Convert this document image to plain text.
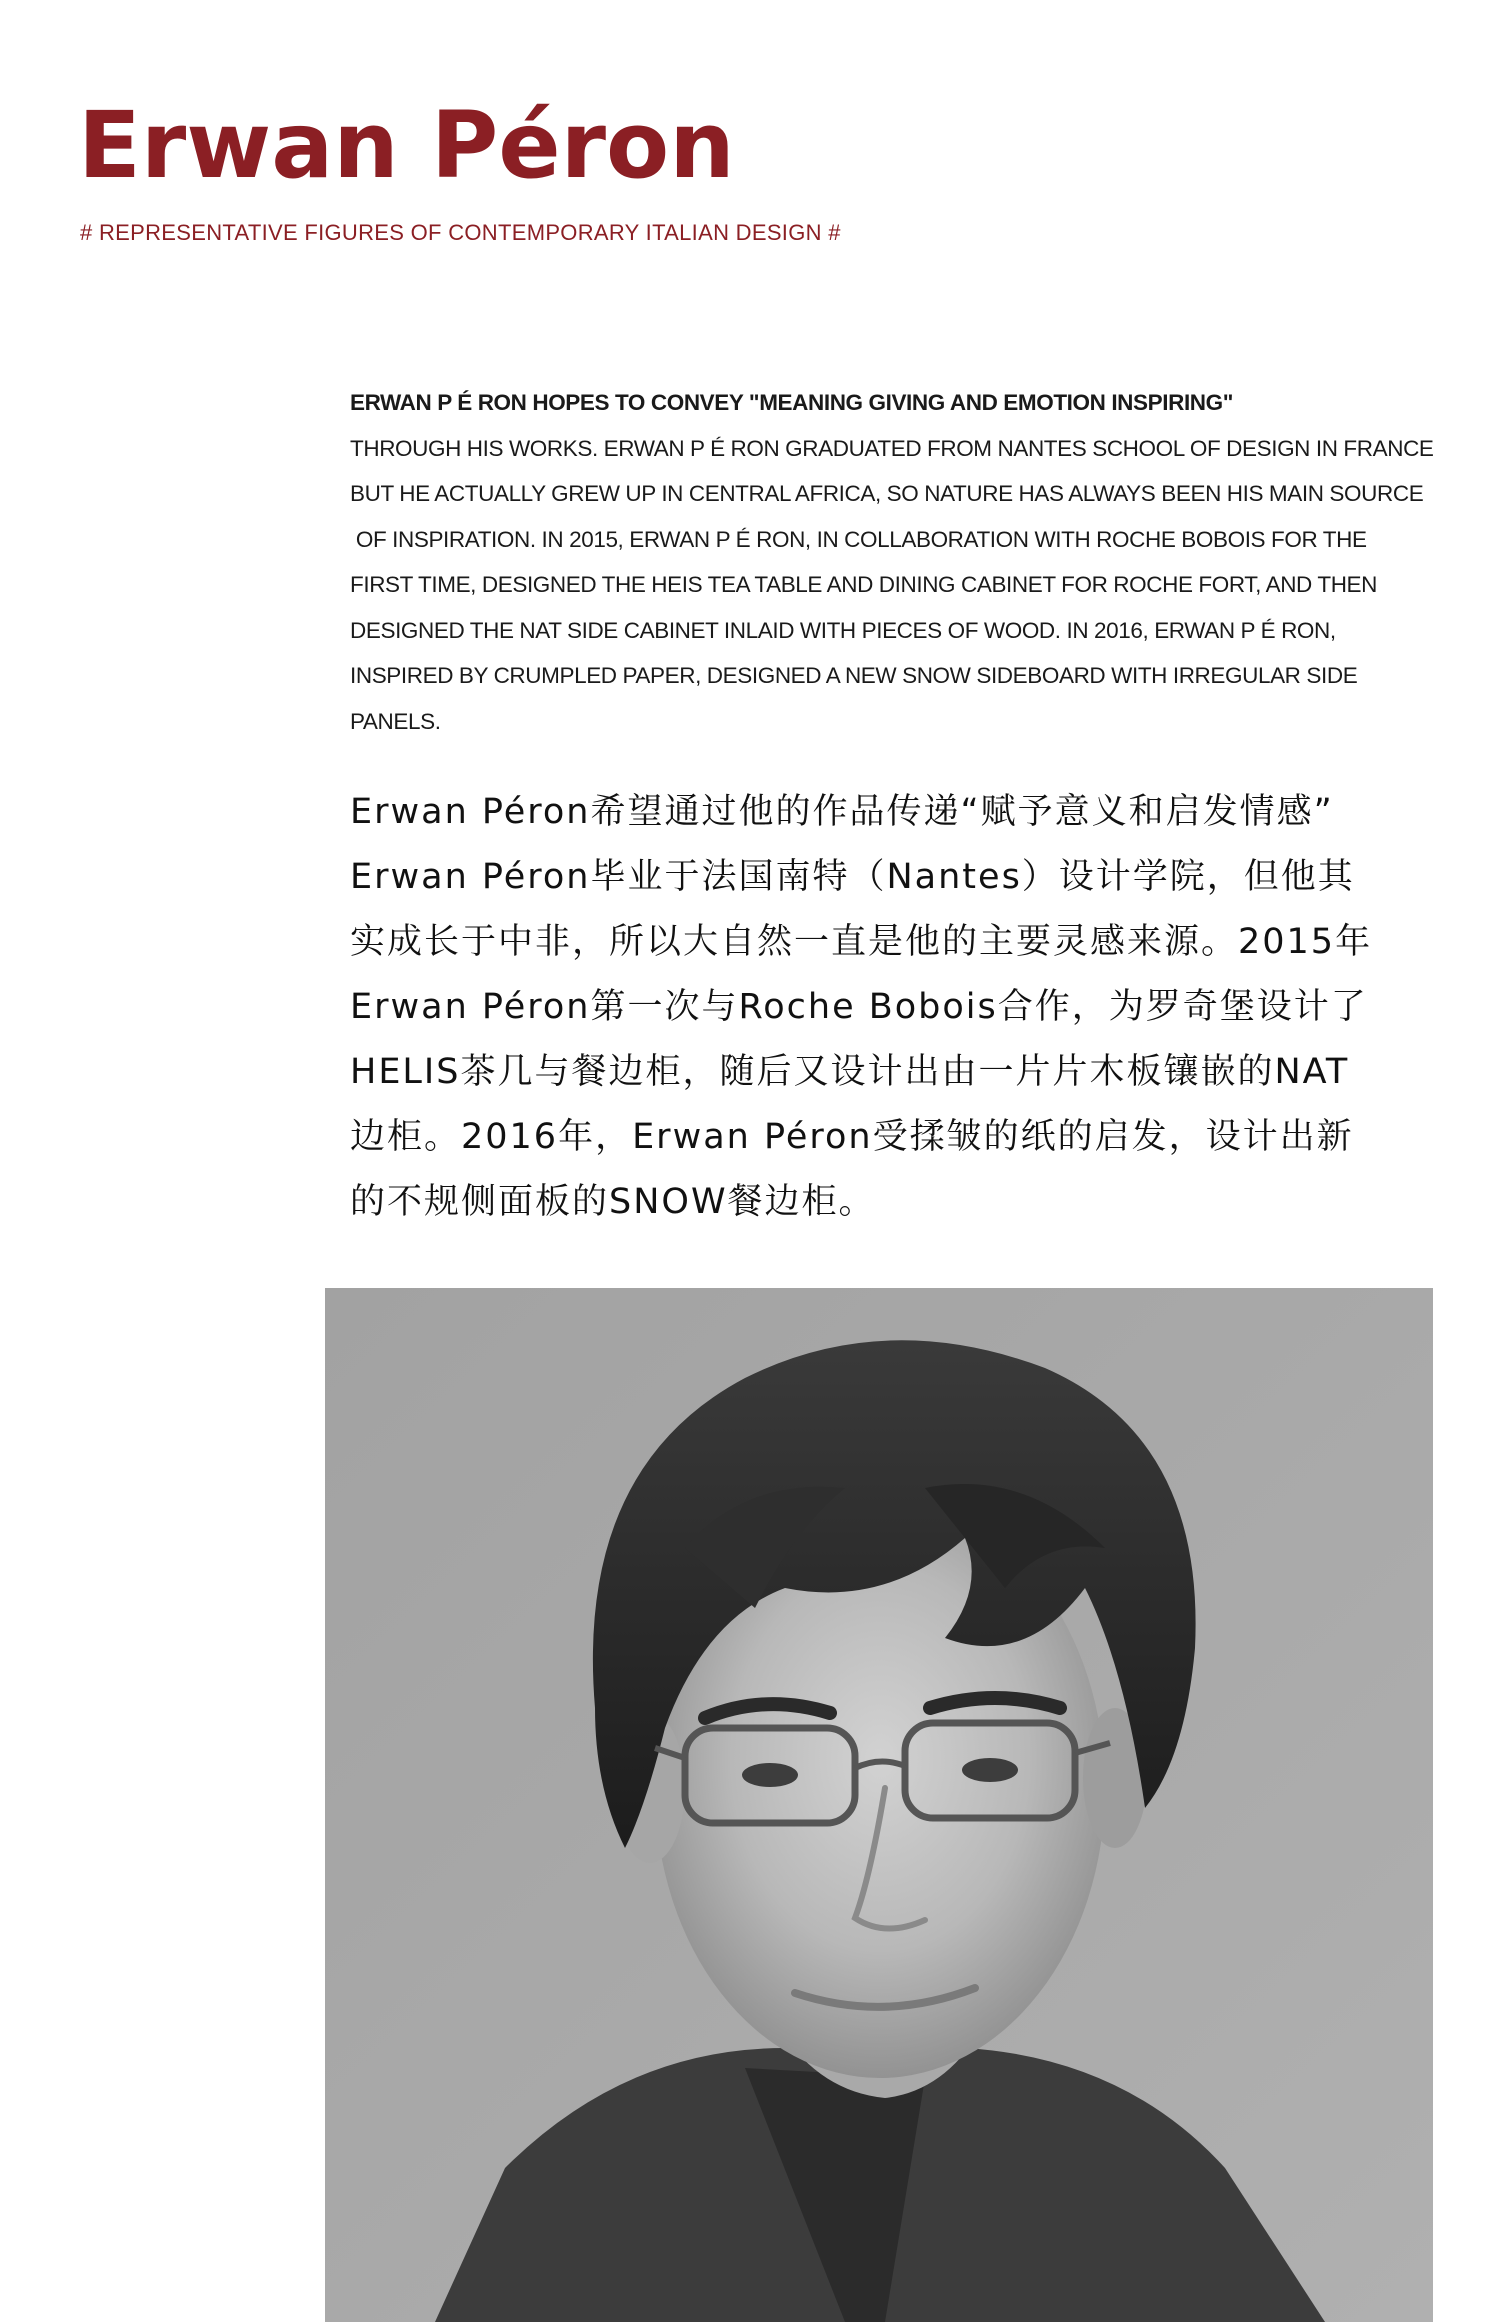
Erwan Péron
# REPRESENTATIVE FIGURES OF CONTEMPORARY ITALIAN DESIGN #
ERWAN P É RON HOPES TO CONVEY "MEANING GIVING AND EMOTION INSPIRING"
THROUGH HIS WORKS. ERWAN P É RON GRADUATED FROM NANTES SCHOOL OF DESIGN IN FRANCE
BUT HE ACTUALLY GREW UP IN CENTRAL AFRICA, SO NATURE HAS ALWAYS BEEN HIS MAIN SOURCE
OF INSPIRATION. IN 2015, ERWAN P É RON, IN COLLABORATION WITH ROCHE BOBOIS FOR THE
FIRST TIME, DESIGNED THE HEIS TEA TABLE AND DINING CABINET FOR ROCHE FORT, AND THEN
DESIGNED THE NAT SIDE CABINET INLAID WITH PIECES OF WOOD. IN 2016, ERWAN P É RON,
INSPIRED BY CRUMPLED PAPER, DESIGNED A NEW SNOW SIDEBOARD WITH IRREGULAR SIDE
PANELS.
Erwan Péron希望通过他的作品传递“赋予意义和启发情感”
Erwan Péron毕业于法国南特（Nantes）设计学院，但他其
实成长于中非，所以大自然一直是他的主要灵感来源。2015年
Erwan Péron第一次与Roche Bobois合作，为罗奇堡设计了
HELIS茶几与餐边柜，随后又设计出由一片片木板镶嵌的NAT
边柜。2016年，Erwan Péron受揉皱的纸的启发，设计出新
的不规侧面板的SNOW餐边柜。
